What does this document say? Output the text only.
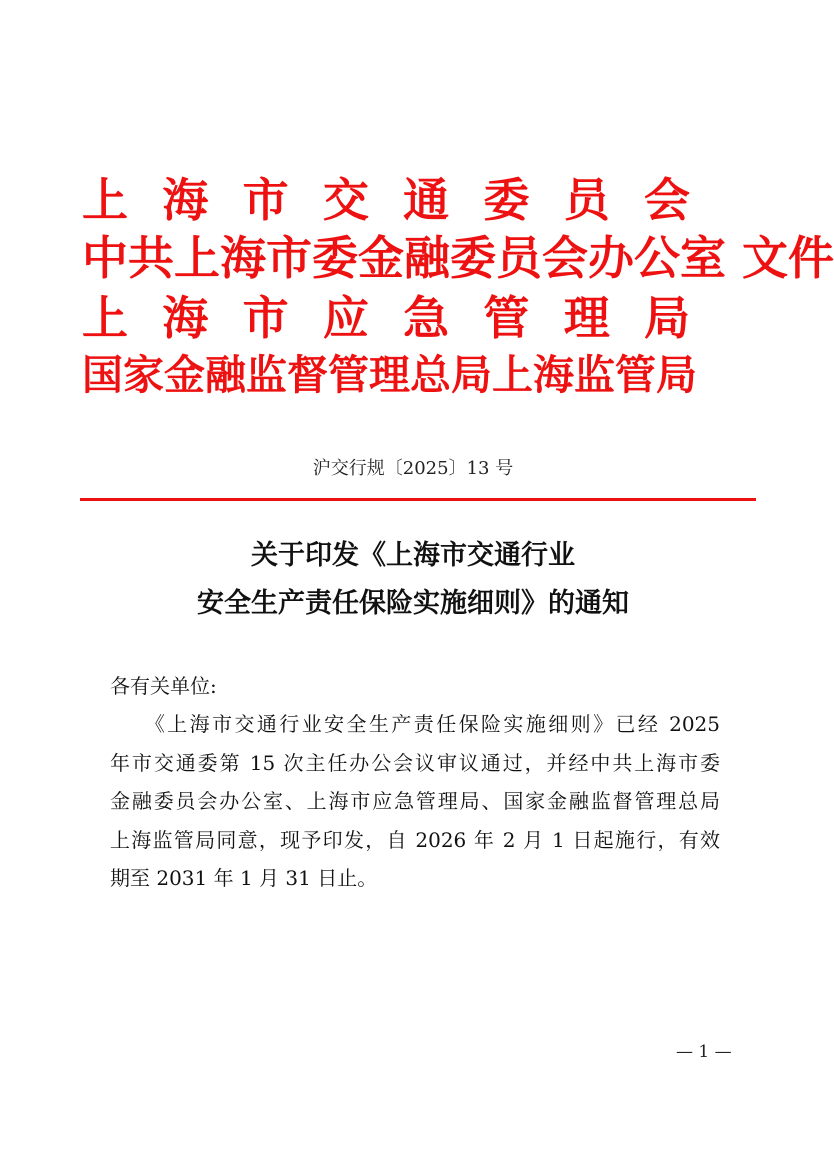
上 海 市 交 通 委 员 会
中 共 上 海 市 委 金 融 委 员 会 办 公 室
文 件
上 海 市 应 急 管 理 局
国 家 金 融 监 督 管 理 总 局 上 海 监 管 局
沪交行规〔2025〕13 号
关于印发《上海市交通行业
安全生产责任保险实施细则》的通知
各有关单位:
　　《上海市交通行业安全生产责任保险实施细则》已经 2025
年市交通委第 15 次主任办公会议审议通过，并经中共上海市委
金融委员会办公室、上海市应急管理局、国家金融监督管理总局
上海监管局同意，现予印发，自 2026 年 2 月 1 日起施行，有效
期至 2031 年 1 月 31 日止。
— 1 —
